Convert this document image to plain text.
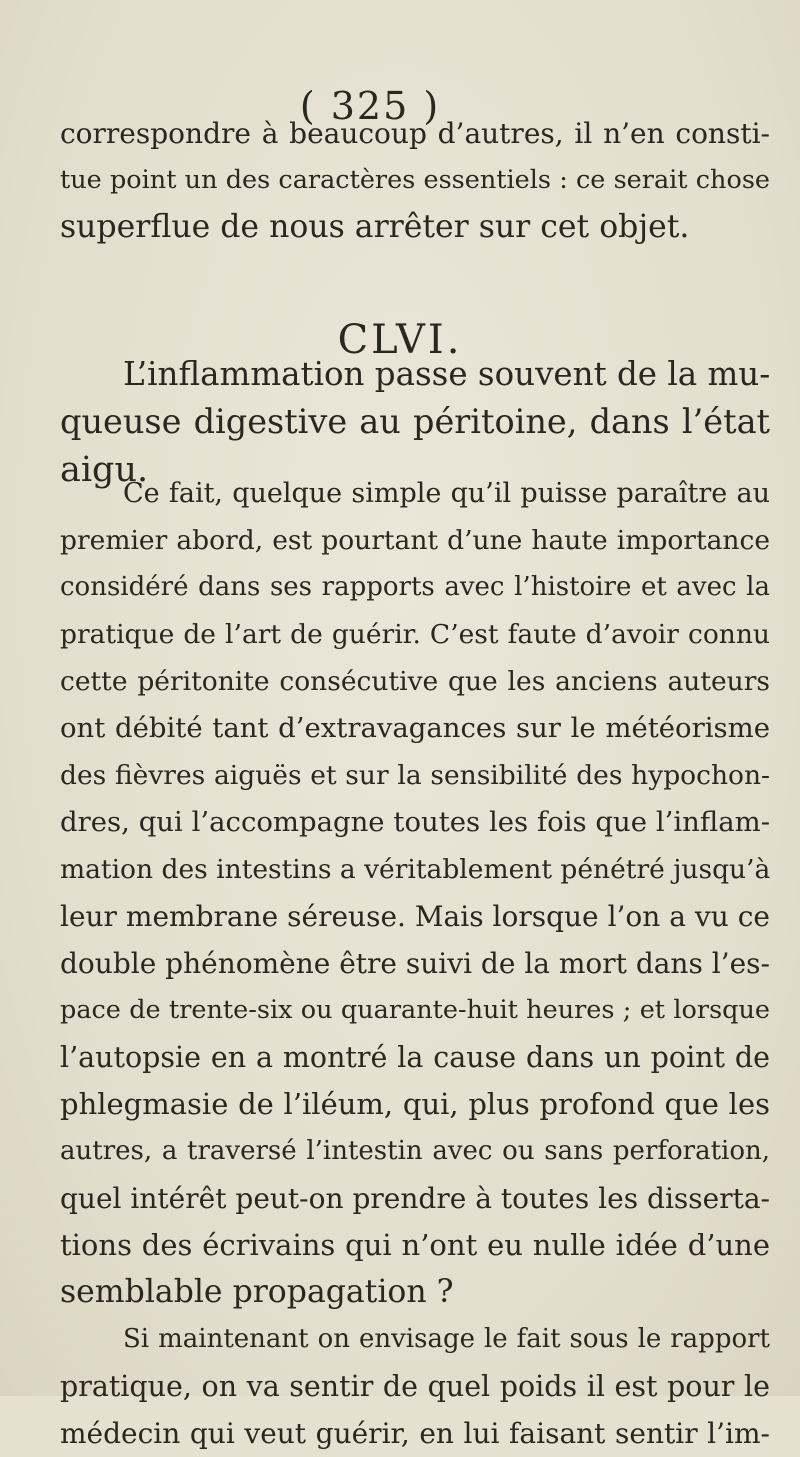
( 325 )
correspondre à beaucoup d’autres, il n’en consti-
tue point un des caractères essentiels : ce serait chose
superflue de nous arrêter sur cet objet.
CLVI.
L’inflammation passe souvent de la mu-
queuse digestive au péritoine, dans l’état
aigu.
Ce fait, quelque simple qu’il puisse paraître au
premier abord, est pourtant d’une haute importance
considéré dans ses rapports avec l’histoire et avec la
pratique de l’art de guérir. C’est faute d’avoir connu
cette péritonite consécutive que les anciens auteurs
ont débité tant d’extravagances sur le météorisme
des fièvres aiguës et sur la sensibilité des hypochon-
dres, qui l’accompagne toutes les fois que l’inflam-
mation des intestins a véritablement pénétré jusqu’à
leur membrane séreuse. Mais lorsque l’on a vu ce
double phénomène être suivi de la mort dans l’es-
pace de trente-six ou quarante-huit heures ; et lorsque
l’autopsie en a montré la cause dans un point de
phlegmasie de l’iléum, qui, plus profond que les
autres, a traversé l’intestin avec ou sans perforation,
quel intérêt peut-on prendre à toutes les disserta-
tions des écrivains qui n’ont eu nulle idée d’une
semblable propagation ?
Si maintenant on envisage le fait sous le rapport
pratique, on va sentir de quel poids il est pour le
médecin qui veut guérir, en lui faisant sentir l’im-
